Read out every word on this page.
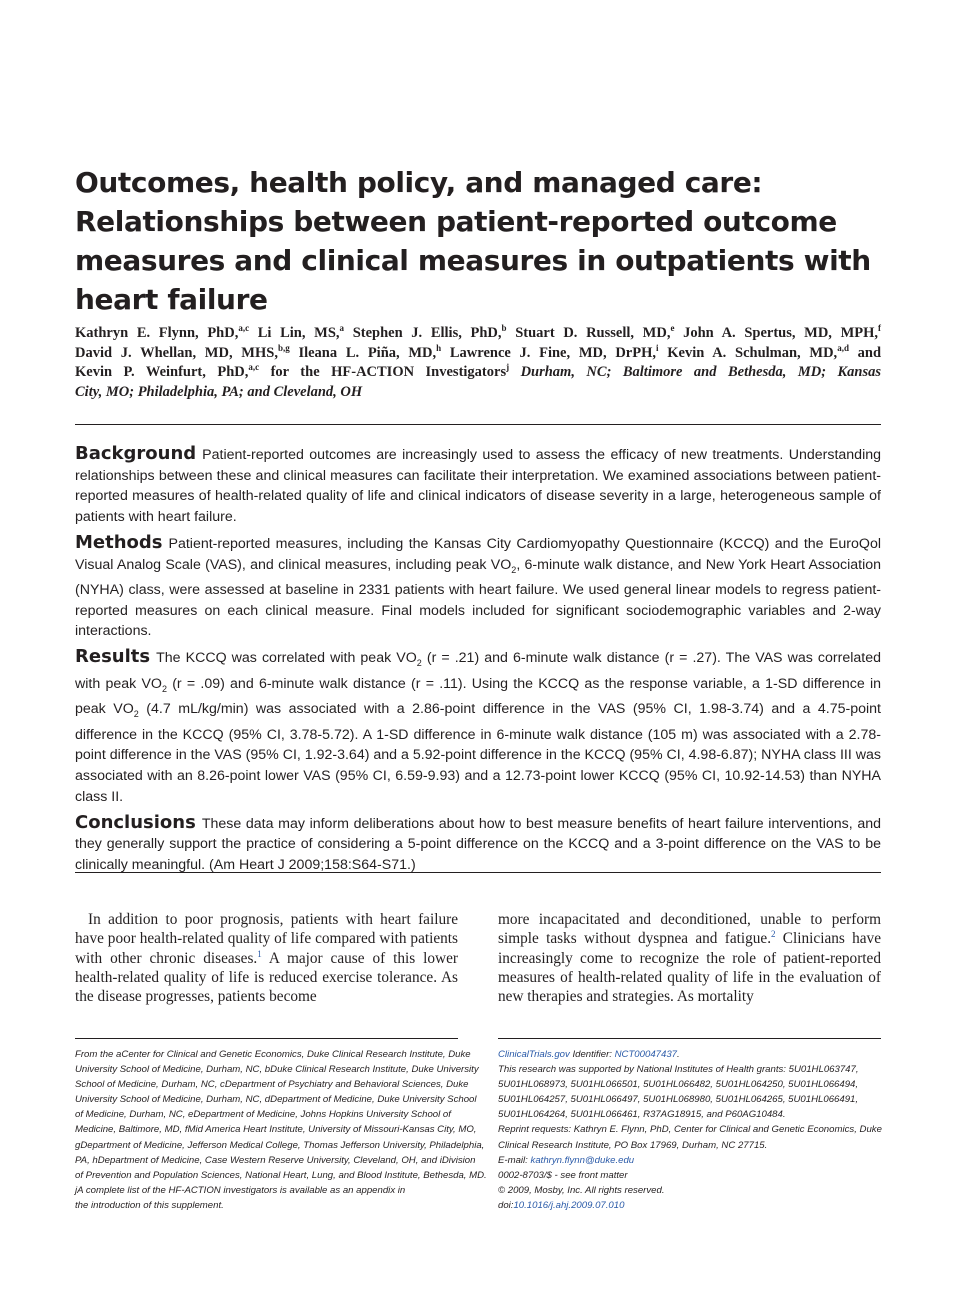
Outcomes, health policy, and managed care:
Relationships between patient-reported outcome
measures and clinical measures in outpatients with
heart failure
Kathryn E. Flynn, PhD,$^{a,c}$ Li Lin, MS,$^a$ Stephen J. Ellis, PhD,$^b$ Stuart D. Russell, MD,$^e$ John A. Spertus, MD, MPH,$^f$
David J. Whellan, MD, MHS,$^{b,g}$ Ileana L. Piña, MD,$^h$ Lawrence J. Fine, MD, DrPH,$^i$ Kevin A. Schulman, MD,$^{a,d}$ and
Kevin P. Weinfurt, PhD,$^{a,c}$ for the HF-ACTION Investigators$^j$ Durham, NC; Baltimore and Bethesda, MD; Kansas
City, MO; Philadelphia, PA; and Cleveland, OH

Background Patient-reported outcomes are increasingly used to assess the efficacy of new treatments. Understanding relationships between these and clinical measures can facilitate their interpretation. We examined associations between patient-reported measures of health-related quality of life and clinical indicators of disease severity in a large, heterogeneous sample of patients with heart failure.

Methods Patient-reported measures, including the Kansas City Cardiomyopathy Questionnaire (KCCQ) and the EuroQol Visual Analog Scale (VAS), and clinical measures, including peak $VO_2$, 6-minute walk distance, and New York Heart Association (NYHA) class, were assessed at baseline in 2331 patients with heart failure. We used general linear models to regress patient-reported measures on each clinical measure. Final models included for significant sociodemographic variables and 2-way interactions.

Results The KCCQ was correlated with peak $VO_2$ (r = .21) and 6-minute walk distance (r = .27). The VAS was correlated with peak $VO_2$ (r = .09) and 6-minute walk distance (r = .11). Using the KCCQ as the response variable, a 1-SD difference in peak $VO_2$ (4.7 mL/kg/min) was associated with a 2.86-point difference in the VAS (95% CI, 1.98-3.74) and a 4.75-point difference in the KCCQ (95% CI, 3.78-5.72). A 1-SD difference in 6-minute walk distance (105 m) was associated with a 2.78-point difference in the VAS (95% CI, 1.92-3.64) and a 5.92-point difference in the KCCQ (95% CI, 4.98-6.87); NYHA class III was associated with an 8.26-point lower VAS (95% CI, 6.59-9.93) and a 12.73-point lower KCCQ (95% CI, 10.92-14.53) than NYHA class II.

Conclusions These data may inform deliberations about how to best measure benefits of heart failure interventions, and they generally support the practice of considering a 5-point difference on the KCCQ and a 3-point difference on the VAS to be clinically meaningful. (Am Heart J 2009;158:S64-S71.)

In addition to poor prognosis, patients with heart failure have poor health-related quality of life compared with patients with other chronic diseases.$^1$ A major cause of this lower health-related quality of life is reduced exercise tolerance. As the disease progresses, patients become

more incapacitated and deconditioned, unable to perform simple tasks without dyspnea and fatigue.$^2$ Clinicians have increasingly come to recognize the role of patient-reported measures of health-related quality of life in the evaluation of new therapies and strategies. As mortality

From the aCenter for Clinical and Genetic Economics, Duke Clinical Research Institute, Duke
University School of Medicine, Durham, NC, bDuke Clinical Research Institute, Duke University
School of Medicine, Durham, NC, cDepartment of Psychiatry and Behavioral Sciences, Duke
University School of Medicine, Durham, NC, dDepartment of Medicine, Duke University School
of Medicine, Durham, NC, eDepartment of Medicine, Johns Hopkins University School of
Medicine, Baltimore, MD, fMid America Heart Institute, University of Missouri-Kansas City, MO,
gDepartment of Medicine, Jefferson Medical College, Thomas Jefferson University, Philadelphia,
PA, hDepartment of Medicine, Case Western Reserve University, Cleveland, OH, and iDivision
of Prevention and Population Sciences, National Heart, Lung, and Blood Institute, Bethesda, MD.
jA complete list of the HF-ACTION investigators is available as an appendix in
the introduction of this supplement.
ClinicalTrials.gov Identifier: NCT00047437.
This research was supported by National Institutes of Health grants: 5U01HL063747,
5U01HL068973, 5U01HL066501, 5U01HL066482, 5U01HL064250, 5U01HL066494,
5U01HL064257, 5U01HL066497, 5U01HL068980, 5U01HL064265, 5U01HL066491,
5U01HL064264, 5U01HL066461, R37AG18915, and P60AG10484.
Reprint requests: Kathryn E. Flynn, PhD, Center for Clinical and Genetic Economics, Duke
Clinical Research Institute, PO Box 17969, Durham, NC 27715.
E-mail: kathryn.flynn@duke.edu
0002-8703/$ - see front matter
© 2009, Mosby, Inc. All rights reserved.
doi:10.1016/j.ahj.2009.07.010
